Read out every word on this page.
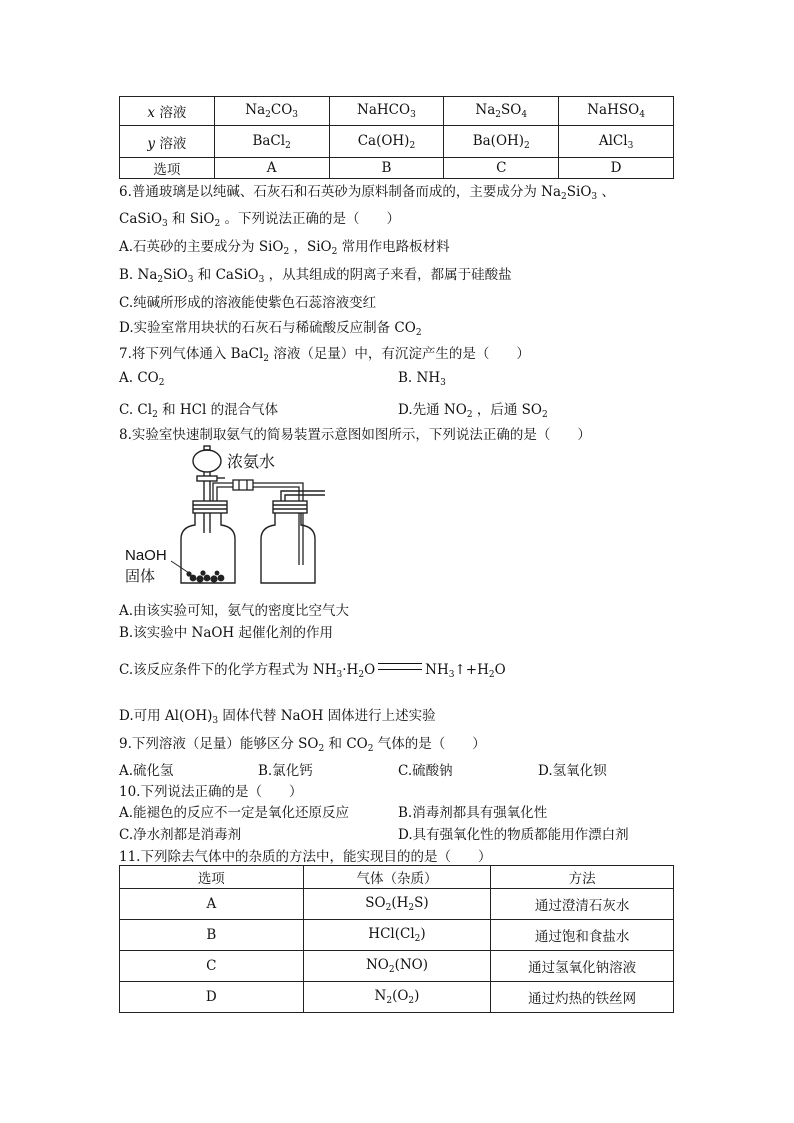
x 溶液	$Na_2CO_3$	NaHCO$_3$	$Na_2SO_4$	NaHSO$_4$
y 溶液	BaCl$_2$	$Ca(OH)_2$	$Ba(OH)_2$	AlCl$_3$
选项	A	B	C	D
6.普通玻璃是以纯碱、石灰石和石英砂为原料制备而成的，主要成分为 $Na_2SiO_3$ 、
CaSiO$_3$ 和 SiO$_2$ 。下列说法正确的是（　　）
A.石英砂的主要成分为 SiO$_2$ ，SiO$_2$ 常用作电路板材料
B. $Na_2SiO_3$ 和 CaSiO$_3$ ，从其组成的阴离子来看，都属于硅酸盐
C.纯碱所形成的溶液能使紫色石蕊溶液变红
D.实验室常用块状的石灰石与稀硫酸反应制备 $CO_2$
7.将下列气体通入 BaCl$_2$ 溶液（足量）中，有沉淀产生的是（　　）
A. $CO_2$	B. $NH_3$
C. $Cl_2$ 和 HCl 的混合气体	D.先通 $NO_2$ ，后通 $SO_2$
8.实验室快速制取氨气的简易装置示意图如图所示，下列说法正确的是（　　）
浓氨水
NaOH
固体
A.由该实验可知，氨气的密度比空气大
B.该实验中 NaOH 起催化剂的作用
C.该反应条件下的化学方程式为 $NH_3\cdot H_2O$	$NH_3↑+H_2O$
D.可用 $Al(OH)_3$ 固体代替 NaOH 固体进行上述实验
9.下列溶液（足量）能够区分 $SO_2$ 和 $CO_2$ 气体的是（　　）
A.硫化氢	B.氯化钙	C.硫酸钠	D.氢氧化钡
10.下列说法正确的是（　　）
A.能褪色的反应不一定是氧化还原反应	B.消毒剂都具有强氧化性
C.净水剂都是消毒剂	D.具有强氧化性的物质都能用作漂白剂
11.下列除去气体中的杂质的方法中，能实现目的的是（　　）
选项	气体（杂质）	方法
A	$SO_2(H_2S)$	通过澄清石灰水
B	$HCl(Cl_2)$	通过饱和食盐水
C	$NO_2(NO)$	通过氢氧化钠溶液
D	$N_2(O_2)$	通过灼热的铁丝网
